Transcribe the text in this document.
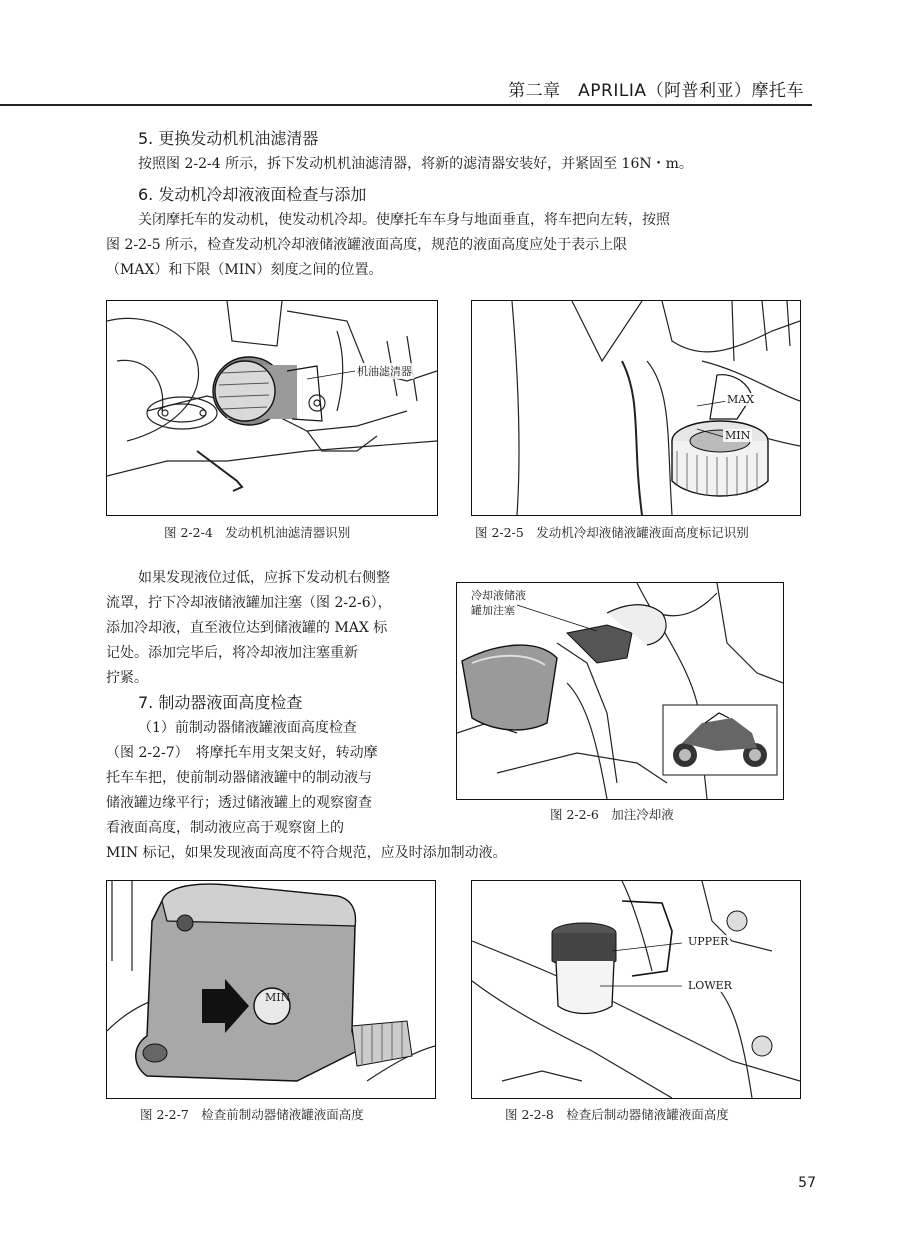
第二章　APRILIA（阿普利亚）摩托车
5. 更换发动机机油滤清器
按照图 2-2-4 所示，拆下发动机机油滤清器，将新的滤清器安装好，并紧固至 16N・m。
6. 发动机冷却液液面检查与添加
关闭摩托车的发动机，使发动机冷却。使摩托车车身与地面垂直，将车把向左转，按照
图 2-2-5 所示，检查发动机冷却液储液罐液面高度，规范的液面高度应处于表示上限
（MAX）和下限（MIN）刻度之间的位置。
机油滤清器
图 2-2-4　发动机机油滤清器识别
MAX
MIN
图 2-2-5　发动机冷却液储液罐液面高度标记识别
如果发现液位过低，应拆下发动机右侧整
流罩，拧下冷却液储液罐加注塞（图 2-2-6），
添加冷却液，直至液位达到储液罐的 MAX 标
记处。添加完毕后，将冷却液加注塞重新
拧紧。
冷却液储液
罐加注塞
图 2-2-6　加注冷却液
7. 制动器液面高度检查
（1）前制动器储液罐液面高度检查
（图 2-2-7）　将摩托车用支架支好，转动摩
托车车把，使前制动器储液罐中的制动液与
储液罐边缘平行；透过储液罐上的观察窗查
看液面高度，制动液应高于观察窗上的
MIN 标记，如果发现液面高度不符合规范，应及时添加制动液。
MIN
图 2-2-7　检查前制动器储液罐液面高度
UPPER
LOWER
图 2-2-8　检查后制动器储液罐液面高度
57
